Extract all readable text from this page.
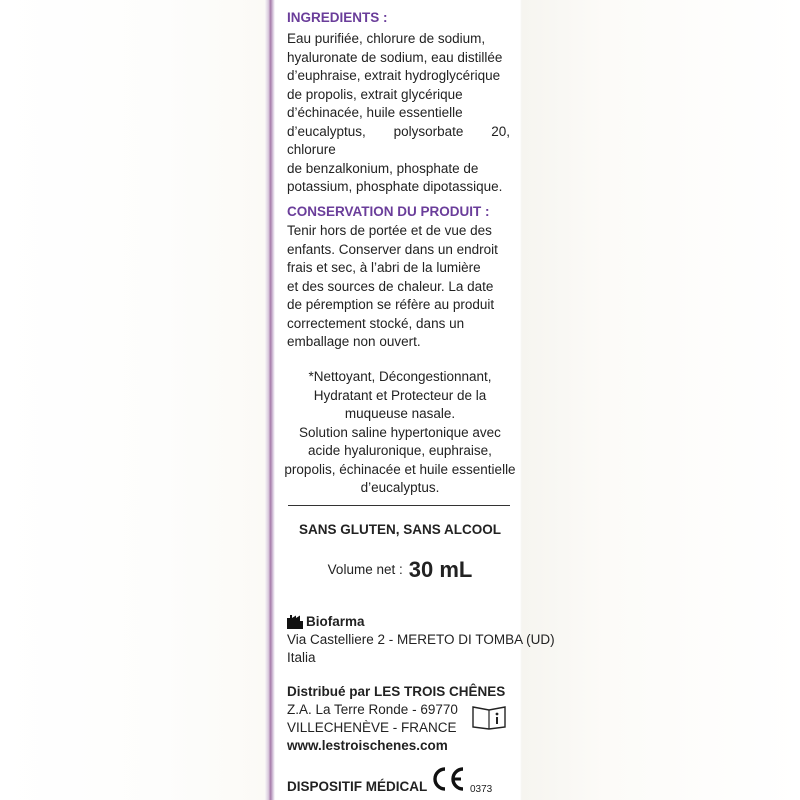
INGREDIENTS :
Eau purifiée, chlorure de sodium,
hyaluronate de sodium, eau distillée
d’euphraise, extrait hydroglycérique
de propolis, extrait glycérique
d’échinacée, huile essentielle
d’eucalyptus, polysorbate 20, chlorure
de benzalkonium, phosphate de
potassium, phosphate dipotassique.
CONSERVATION DU PRODUIT :
Tenir hors de portée et de vue des
enfants. Conserver dans un endroit
frais et sec, à l’abri de la lumière
et des sources de chaleur. La date
de péremption se réfère au produit
correctement stocké, dans un
emballage non ouvert.
*Nettoyant, Décongestionnant,
Hydratant et Protecteur de la
muqueuse nasale.
Solution saline hypertonique avec
acide hyaluronique, euphraise,
propolis, échinacée et huile essentielle
d’eucalyptus.
SANS GLUTEN, SANS ALCOOL
Volume net : 30 mL
Biofarma
Via Castelliere 2 - MERETO DI TOMBA (UD)
Italia
Distribué par LES TROIS CHÊNES
Z.A. La Terre Ronde - 69770
VILLECHENÈVE - FRANCE
www.lestroischenes.com
DISPOSITIF MÉDICAL	0373
